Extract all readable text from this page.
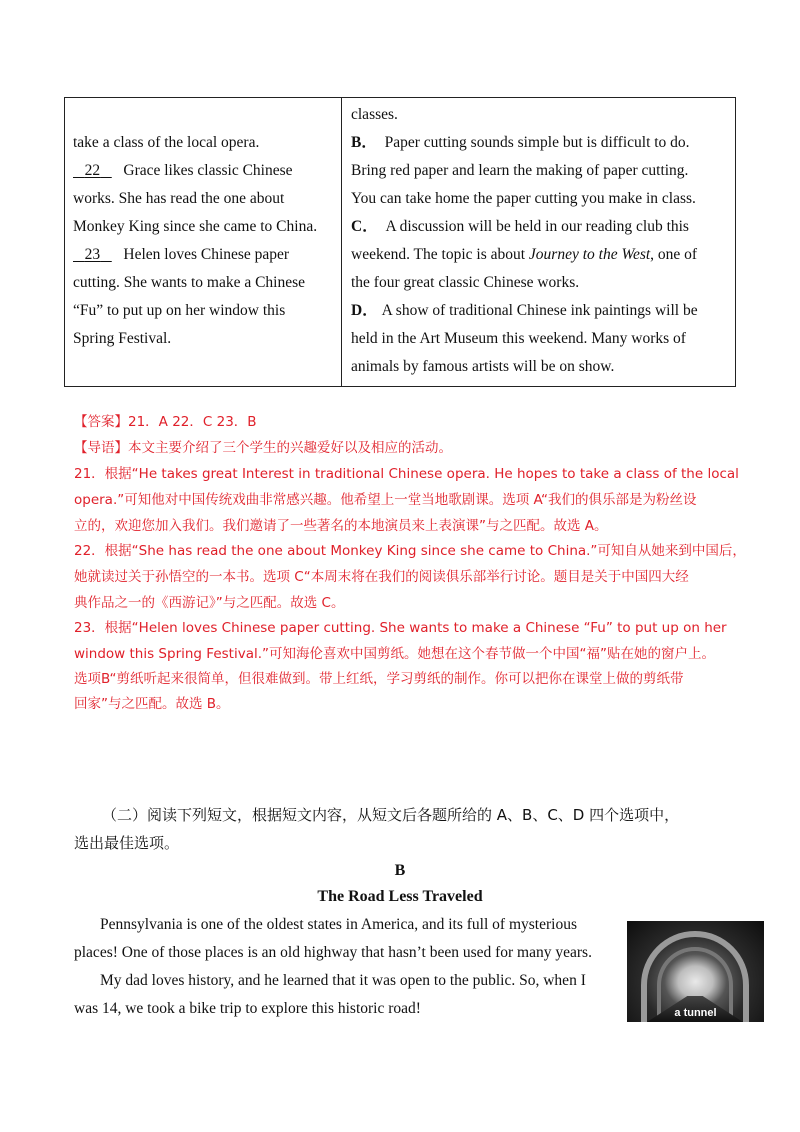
take a class of the local opera.
22 Grace likes classic Chinese
works. She has read the one about
Monkey King since she came to China.
23 Helen loves Chinese paper
cutting. She wants to make a Chinese
“Fu” to put up on her window this
Spring Festival.
classes.
B． Paper cutting sounds simple but is difficult to do.
Bring red paper and learn the making of paper cutting.
You can take home the paper cutting you make in class.
C． A discussion will be held in our reading club this
weekend. The topic is about Journey to the West, one of
the four great classic Chinese works.
D． A show of traditional Chinese ink paintings will be
held in the Art Museum this weekend. Many works of
animals by famous artists will be on show.
【答案】21．A 22．C 23．B
【导语】本文主要介绍了三个学生的兴趣爱好以及相应的活动。
21．根据“He takes great Interest in traditional Chinese opera. He hopes to take a class of the local
opera.”可知他对中国传统戏曲非常感兴趣。他希望上一堂当地歌剧课。选项 A“我们的俱乐部是为粉丝设
立的，欢迎您加入我们。我们邀请了一些著名的本地演员来上表演课”与之匹配。故选 A。
22．根据“She has read the one about Monkey King since she came to China.”可知自从她来到中国后，
她就读过关于孙悟空的一本书。选项 C“本周末将在我们的阅读俱乐部举行讨论。题目是关于中国四大经
典作品之一的《西游记》”与之匹配。故选 C。
23．根据“Helen loves Chinese paper cutting. She wants to make a Chinese “Fu” to put up on her
window this Spring Festival.”可知海伦喜欢中国剪纸。她想在这个春节做一个中国“福”贴在她的窗户上。
选项B“剪纸听起来很简单，但很难做到。带上红纸，学习剪纸的制作。你可以把你在课堂上做的剪纸带
回家”与之匹配。故选 B。
（二）阅读下列短文，根据短文内容，从短文后各题所给的 A、B、C、D 四个选项中，
选出最佳选项。
B
The Road Less Traveled
Pennsylvania is one of the oldest states in America, and its full of mysterious
places! One of those places is an old highway that hasn’t been used for many years.
My dad loves history, and he learned that it was open to the public. So, when I
was 14, we took a bike trip to explore this historic road!	a tunnel
